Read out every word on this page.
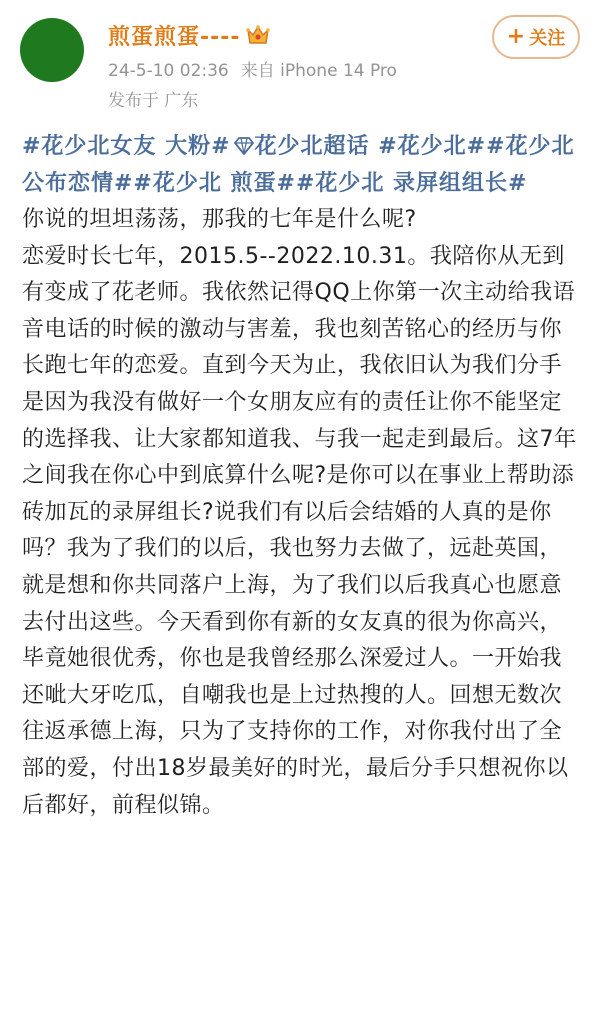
煎蛋煎蛋----
24-5-10 02:36 来自 iPhone 14 Pro
发布于 广东
+ 关注
#花少北女友 大粉# 花少北超话 #花少北##花少北公布恋情##花少北 煎蛋##花少北 录屏组组长#
你说的坦坦荡荡，那我的七年是什么呢?
恋爱时长七年，2015.5--2022.10.31。我陪你从无到有变成了花老师。我依然记得QQ上你第一次主动给我语音电话的时候的激动与害羞，我也刻苦铭心的经历与你长跑七年的恋爱。直到今天为止，我依旧认为我们分手是因为我没有做好一个女朋友应有的责任让你不能坚定的选择我、让大家都知道我、与我一起走到最后。这7年之间我在你心中到底算什么呢?是你可以在事业上帮助添砖加瓦的录屏组长?说我们有以后会结婚的人真的是你吗？我为了我们的以后，我也努力去做了，远赴英国，就是想和你共同落户上海，为了我们以后我真心也愿意去付出这些。今天看到你有新的女友真的很为你高兴，毕竟她很优秀，你也是我曾经那么深爱过人。一开始我还呲大牙吃瓜，自嘲我也是上过热搜的人。回想无数次往返承德上海，只为了支持你的工作，对你我付出了全部的爱，付出18岁最美好的时光，最后分手只想祝你以后都好，前程似锦。
